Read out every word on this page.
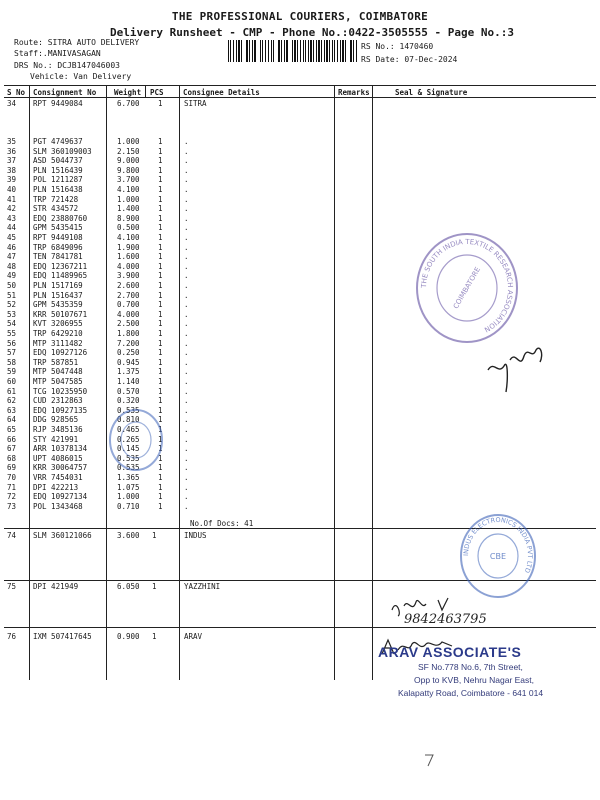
THE PROFESSIONAL COURIERS, COIMBATORE
Delivery Runsheet - CMP - Phone No.:0422-3505555 - Page No.:3
Route: SITRA AUTO DELIVERY
Staff:.MANIVASAGAN
DRS No.: DCJB147046003
Vehicle: Van Delivery
RS No.: 1470460
RS Date: 07-Dec-2024
S No Consignment No Weight PCS	Consignee Details	Remarks	Seal & Signature
34 RPT 9449084	6.700 1	SITRA
35 PGT 4749637	1.000 1	.
36 SLM 360109003	2.150 1	.
37 ASD 5044737	9.000 1	.
38 PLN 1516439	9.800 1	.
39 POL 1211287	3.700 1	.
40 PLN 1516438	4.100 1	.
41 TRP 721428	1.000 1	.
42 STR 434572	1.400 1	.
43 EDQ 23880760	8.900 1	.
44 GPM 5435415	0.500 1	.
45 RPT 9449108	4.100 1	.
46 TRP 6849096	1.900 1	.
47 TEN 7841781	1.600 1	.
48 EDQ 12367211	4.000 1	.
49 EDQ 11489965	3.900 1	.
50 PLN 1517169	2.600 1	.
51 PLN 1516437	2.700 1	.
52 GPM 5435359	0.700 1	.
53 KRR 50107671	4.000 1	.
54 KVT 3206955	2.500 1	.
55 TRP 6429210	1.800 1	.
56 MTP 3111482	7.200 1	.
57 EDQ 10927126	0.250 1	.
58 TRP 587851	0.945 1	.
59 MTP 5047448	1.375 1	.
60 MTP 5047585	1.140 1	.
61 TCG 10235950	0.570 1	.
62 CUD 2312863	0.320 1	.
63 EDQ 10927135	0.535 1	.
64 DDG 928565	0.810 1	.
65 RJP 3485136	0.465 1	.
66 STY 421991	0.265 1	.
67 ARR 10378134	0.145 1	.
68 UPT 4086015	0.535 1	.
69 KRR 30064757	0.535 1	.
70 VRR 7454031	1.365 1	.
71 DPI 422213	1.075 1	.
72 EDQ 10927134	1.000 1	.
73 POL 1343468	0.710 1	.
No.Of Docs: 41
74 SLM 360121066	3.600 1	INDUS
75 DPI 421949	6.050 1	YAZZHINI
76 IXM 507417645	0.900 1	ARAV
THE SOUTH INDIA TEXTILE RESEARCH ASSOCIATION
COIMBATORE
INDUS ELECTRONICS INDIA PVT LTD
CBE
9842463795
ARAV ASSOCIATE'S
SF No.778 No.6, 7th Street,
Opp to KVB, Nehru Nagar East,
Kalapatty Road, Coimbatore - 641 014
